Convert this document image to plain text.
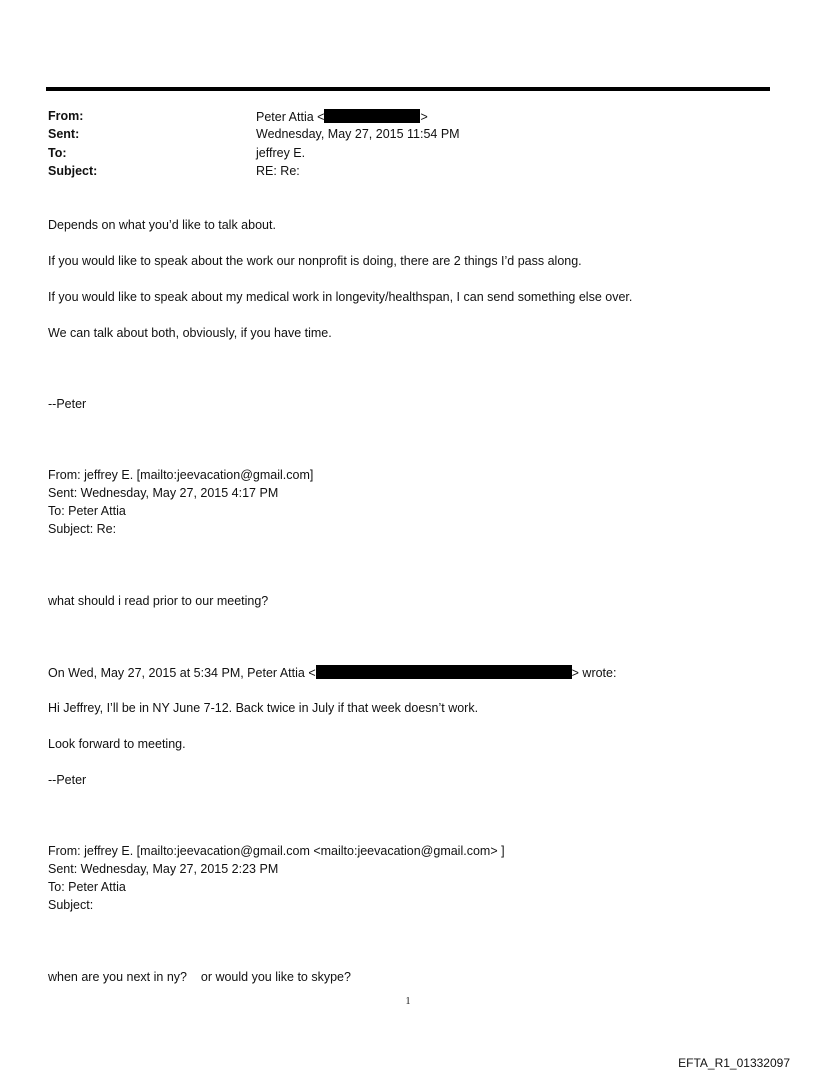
From:	Peter Attia <	>
Sent:	Wednesday, May 27, 2015 11:54 PM
To:	jeffrey E.
Subject:	RE: Re:
Depends on what you’d like to talk about.
If you would like to speak about the work our nonprofit is doing, there are 2 things I’d pass along.
If you would like to speak about my medical work in longevity/healthspan, I can send something else over.
We can talk about both, obviously, if you have time.
--Peter
From: jeffrey E. [mailto:jeevacation@gmail.com]
Sent: Wednesday, May 27, 2015 4:17 PM
To: Peter Attia
Subject: Re:
what should i read prior to our meeting?
On Wed, May 27, 2015 at 5:34 PM, Peter Attia <	> wrote:
Hi Jeffrey, I’ll be in NY June 7-12. Back twice in July if that week doesn’t work.
Look forward to meeting.
--Peter
From: jeffrey E. [mailto:jeevacation@gmail.com <mailto:jeevacation@gmail.com> ]
Sent: Wednesday, May 27, 2015 2:23 PM
To: Peter Attia
Subject:
when are you next in ny?    or would you like to skype?
1
EFTA_R1_01332097
